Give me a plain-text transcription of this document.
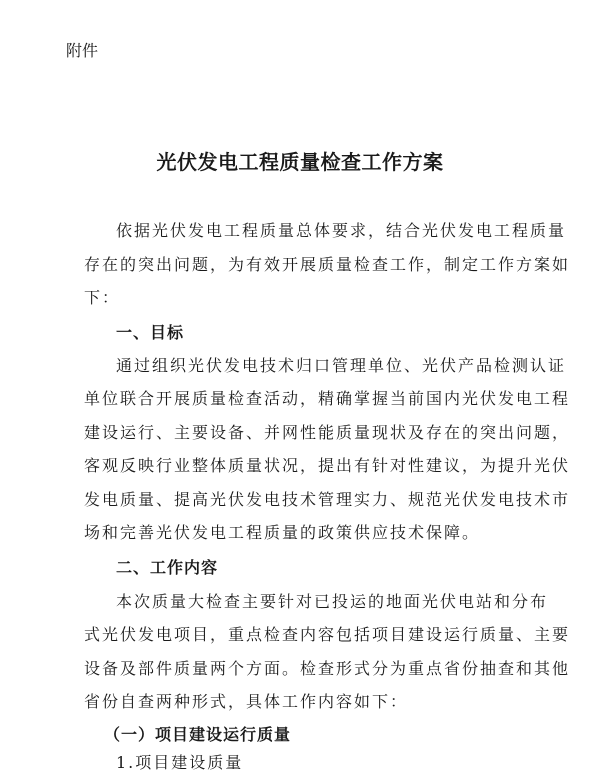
附件
光伏发电工程质量检查工作方案
依据光伏发电工程质量总体要求，结合光伏发电工程质量
存在的突出问题，为有效开展质量检查工作，制定工作方案如
下：
一、目标
通过组织光伏发电技术归口管理单位、光伏产品检测认证
单位联合开展质量检查活动，精确掌握当前国内光伏发电工程
建设运行、主要设备、并网性能质量现状及存在的突出问题，
客观反映行业整体质量状况，提出有针对性建议，为提升光伏
发电质量、提高光伏发电技术管理实力、规范光伏发电技术市
场和完善光伏发电工程质量的政策供应技术保障。
二、工作内容
本次质量大检查主要针对已投运的地面光伏电站和分布
式光伏发电项目，重点检查内容包括项目建设运行质量、主要
设备及部件质量两个方面。检查形式分为重点省份抽查和其他
省份自查两种形式，具体工作内容如下：
（一）项目建设运行质量
1.项目建设质量
